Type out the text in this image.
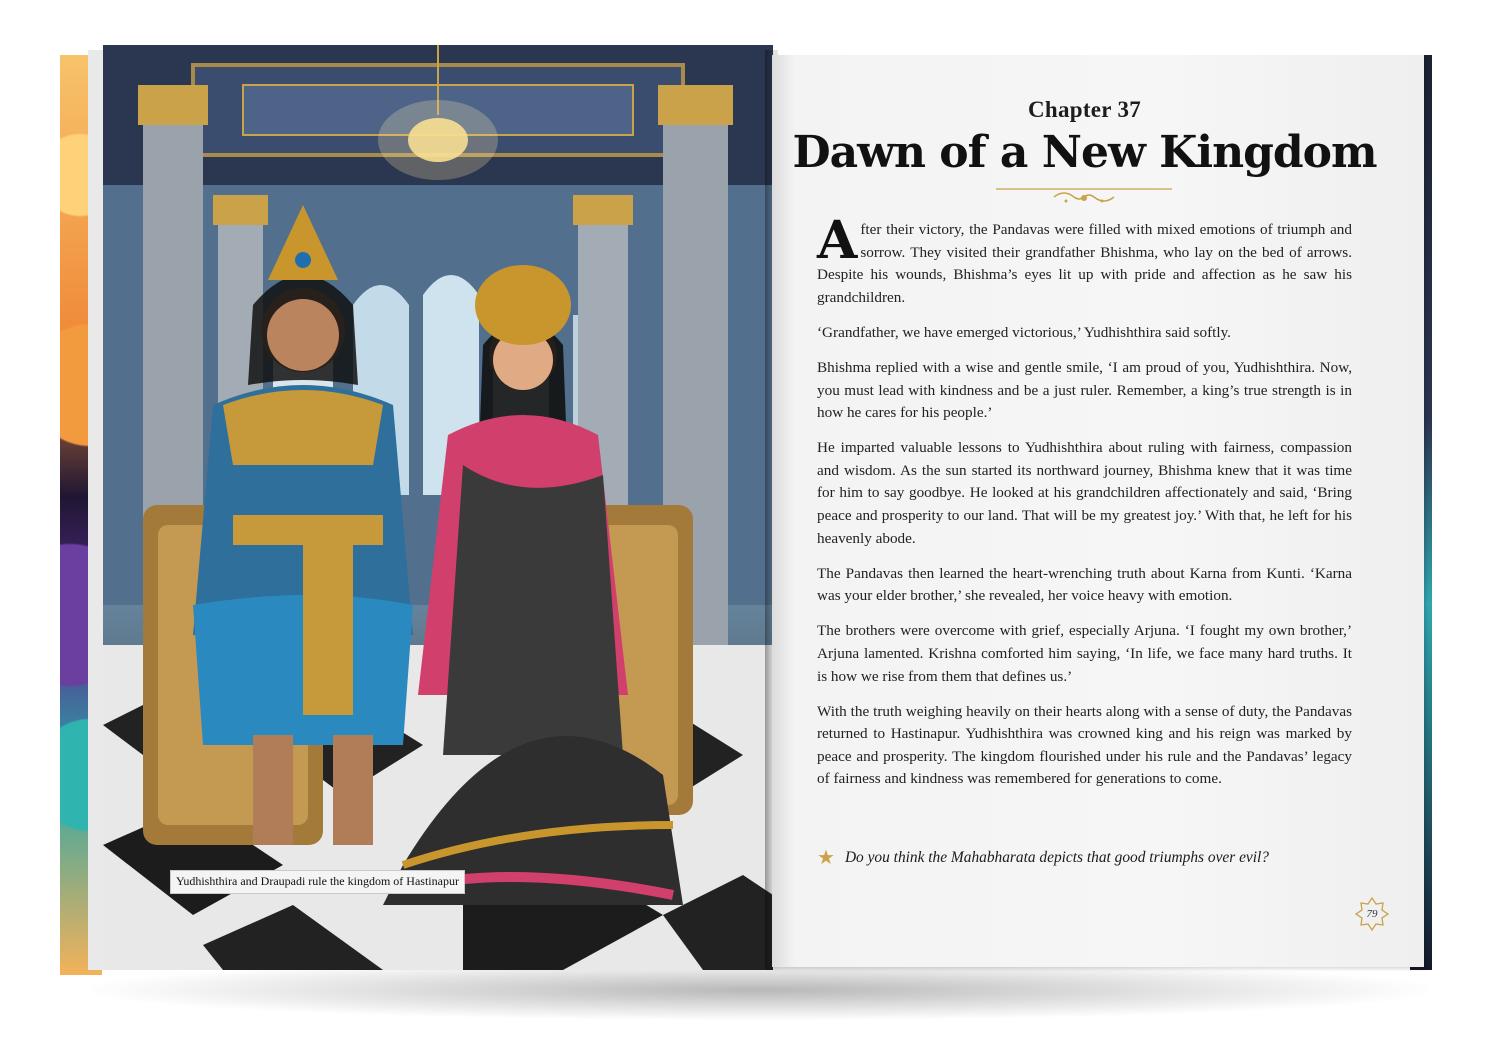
Yudhishthira and Draupadi rule the kingdom of Hastinapur
Chapter 37
Dawn of a New Kingdom

After their victory, the Pandavas were filled with mixed emotions of triumph and sorrow. They visited their grandfather Bhishma, who lay on the bed of arrows. Despite his wounds, Bhishma’s eyes lit up with pride and affection as he saw his grandchildren.

‘Grandfather, we have emerged victorious,’ Yudhishthira said softly.

Bhishma replied with a wise and gentle smile, ‘I am proud of you, Yudhishthira. Now, you must lead with kindness and be a just ruler. Remember, a king’s true strength is in how he cares for his people.’

He imparted valuable lessons to Yudhishthira about ruling with fairness, compassion and wisdom. As the sun started its northward journey, Bhishma knew that it was time for him to say goodbye. He looked at his grandchildren affectionately and said, ‘Bring peace and prosperity to our land. That will be my greatest joy.’ With that, he left for his heavenly abode.

The Pandavas then learned the heart-wrenching truth about Karna from Kunti. ‘Karna was your elder brother,’ she revealed, her voice heavy with emotion.

The brothers were overcome with grief, especially Arjuna. ‘I fought my own brother,’ Arjuna lamented. Krishna comforted him saying, ‘In life, we face many hard truths. It is how we rise from them that defines us.’

With the truth weighing heavily on their hearts along with a sense of duty, the Pandavas returned to Hastinapur. Yudhishthira was crowned king and his reign was marked by peace and prosperity. The kingdom flourished under his rule and the Pandavas’ legacy of fairness and kindness was remembered for generations to come.

★ Do you think the Mahabharata depicts that good triumphs over evil?
79
